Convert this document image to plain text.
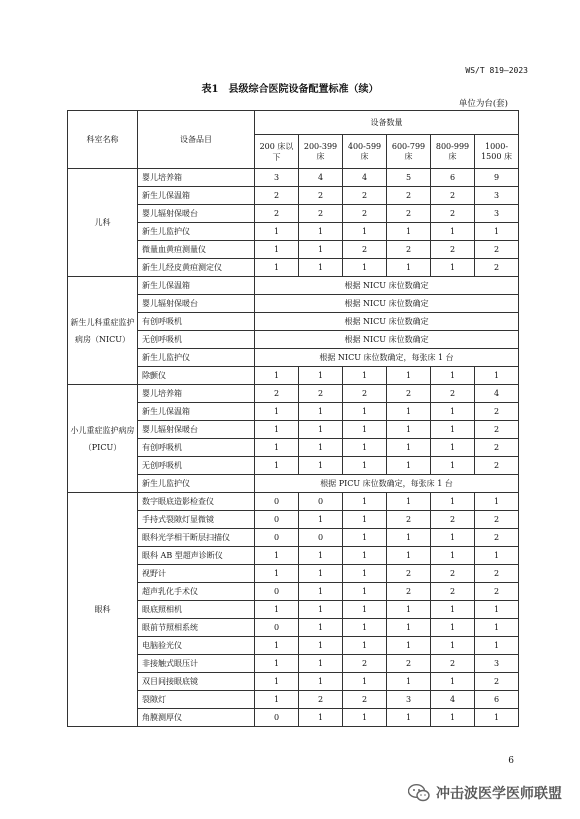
WS/T 819—2023
表1　县级综合医院设备配置标准（续）
单位为台(套)
科室名称	设备品目	设备数量					
		200 床以下	200-399 床	400-599 床	600-799 床	800-999 床	1000-1500 床
儿科	婴儿培养箱	3	4	4	5	6	9
	新生儿保温箱	2	2	2	2	2	3
	婴儿辐射保暖台	2	2	2	2	2	3
	新生儿监护仪	1	1	1	1	1	1
	微量血黄疸测量仪	1	1	2	2	2	2
	新生儿经皮黄疸测定仪	1	1	1	1	1	2
新生儿科重症监护病房（NICU）	新生儿保温箱	根据 NICU 床位数确定					
	婴儿辐射保暖台	根据 NICU 床位数确定					
	有创呼吸机	根据 NICU 床位数确定					
	无创呼吸机	根据 NICU 床位数确定					
	新生儿监护仪	根据 NICU 床位数确定，每张床 1 台					
	除颤仪	1	1	1	1	1	1
小儿重症监护病房（PICU）	婴儿培养箱	2	2	2	2	2	4
	新生儿保温箱	1	1	1	1	1	2
	婴儿辐射保暖台	1	1	1	1	1	2
	有创呼吸机	1	1	1	1	1	2
	无创呼吸机	1	1	1	1	1	2
	新生儿监护仪	根据 PICU 床位数确定，每张床 1 台					
眼科	数字眼底造影检查仪	0	0	1	1	1	1
	手持式裂隙灯显微镜	0	1	1	2	2	2
	眼科光学相干断层扫描仪	0	0	1	1	1	2
	眼科 AB 型超声诊断仪	1	1	1	1	1	1
	视野计	1	1	1	2	2	2
	超声乳化手术仪	0	1	1	2	2	2
	眼底照相机	1	1	1	1	1	1
	眼前节照相系统	0	1	1	1	1	1
	电脑验光仪	1	1	1	1	1	1
	非接触式眼压计	1	1	2	2	2	3
	双目间接眼底镜	1	1	1	1	1	2
	裂隙灯	1	2	2	3	4	6
	角膜测厚仪	0	1	1	1	1	1
6
冲击波医学医师联盟
